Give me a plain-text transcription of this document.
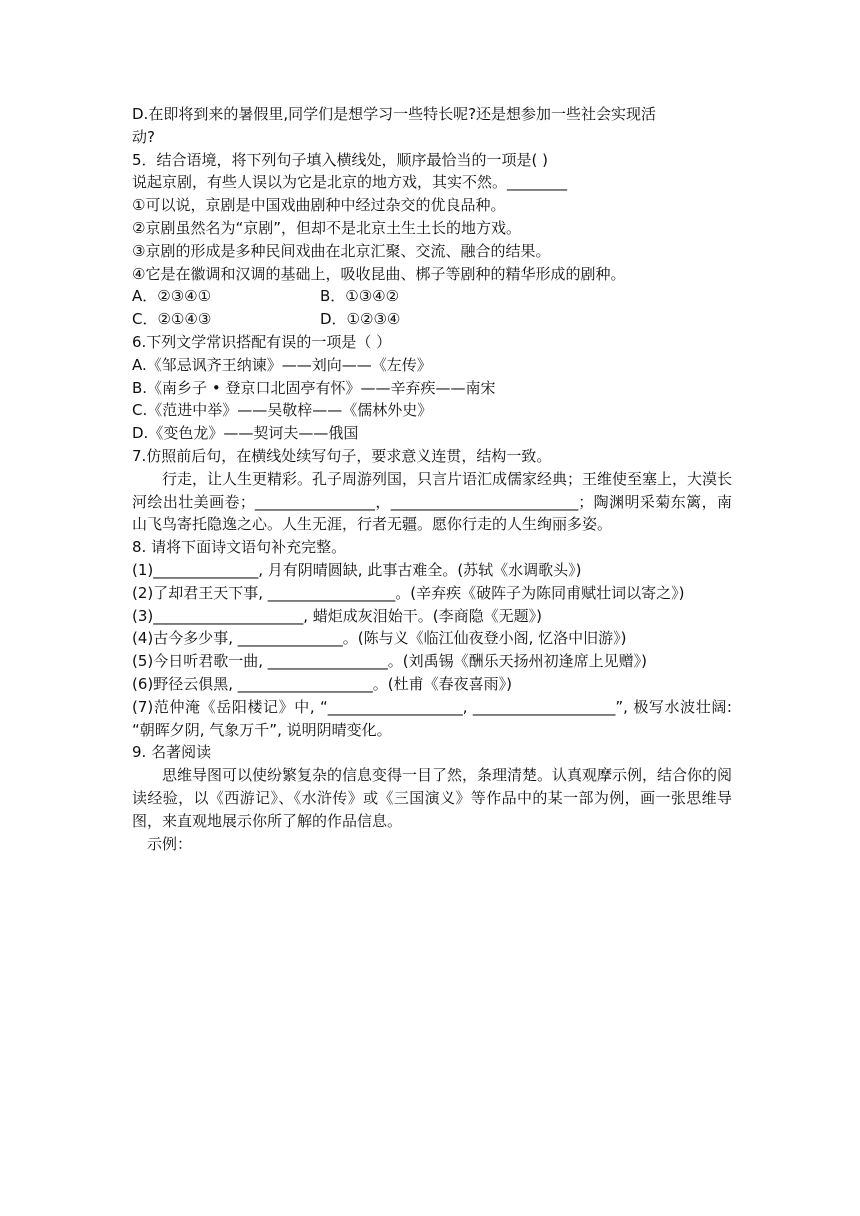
D.在即将到来的暑假里,同学们是想学习一些特长呢?还是想参加一些社会实现活
动?
5．结合语境，将下列句子填入横线处，顺序最恰当的一项是( )
说起京剧，有些人误以为它是北京的地方戏，其实不然。________
①可以说，京剧是中国戏曲剧种中经过杂交的优良品种。
②京剧虽然名为“京剧”，但却不是北京土生土长的地方戏。
③京剧的形成是多种民间戏曲在北京汇聚、交流、融合的结果。
④它是在徽调和汉调的基础上，吸收昆曲、梆子等剧种的精华形成的剧种。
A．②③④①	B．①③④②
C．②①④③	D．①②③④
6.下列文学常识搭配有误的一项是（ ）
A.《邹忌讽齐王纳谏》——刘向——《左传》
B.《南乡子 • 登京口北固亭有怀》——辛弃疾——南宋
C.《范进中举》——吴敬梓——《儒林外史》
D.《变色龙》——契诃夫——俄国
7.仿照前后句，在横线处续写句子，要求意义连贯，结构一致。
行走，让人生更精彩。孔子周游列国，只言片语汇成儒家经典；王维使至塞上，大漠长河绘出壮美画卷；________________，_________________________；陶渊明采菊东篱，南山飞鸟寄托隐逸之心。人生无涯，行者无疆。愿你行走的人生绚丽多姿。
8. 请将下面诗文语句补充完整。
(1)______________, 月有阴晴圆缺, 此事古难全。(苏轼《水调歌头》)
(2)了却君王天下事, _________________。(辛弃疾《破阵子为陈同甫赋壮词以寄之》)
(3)____________________, 蜡炬成灰泪始干。(李商隐《无题》)
(4)古今多少事, ______________。(陈与义《临江仙夜登小阁, 忆洛中旧游》)
(5)今日听君歌一曲, ________________。(刘禹锡《酬乐天扬州初逢席上见赠》)
(6)野径云俱黑, __________________。(杜甫《春夜喜雨》)
(7)范仲淹《岳阳楼记》中, “__________________, ___________________”, 极写水波壮阔: “朝晖夕阴, 气象万千”, 说明阴晴变化。
9. 名著阅读
思维导图可以使纷繁复杂的信息变得一目了然，条理清楚。认真观摩示例，结合你的阅读经验，以《西游记》、《水浒传》或《三国演义》等作品中的某一部为例，画一张思维导图，来直观地展示你所了解的作品信息。
示例：
